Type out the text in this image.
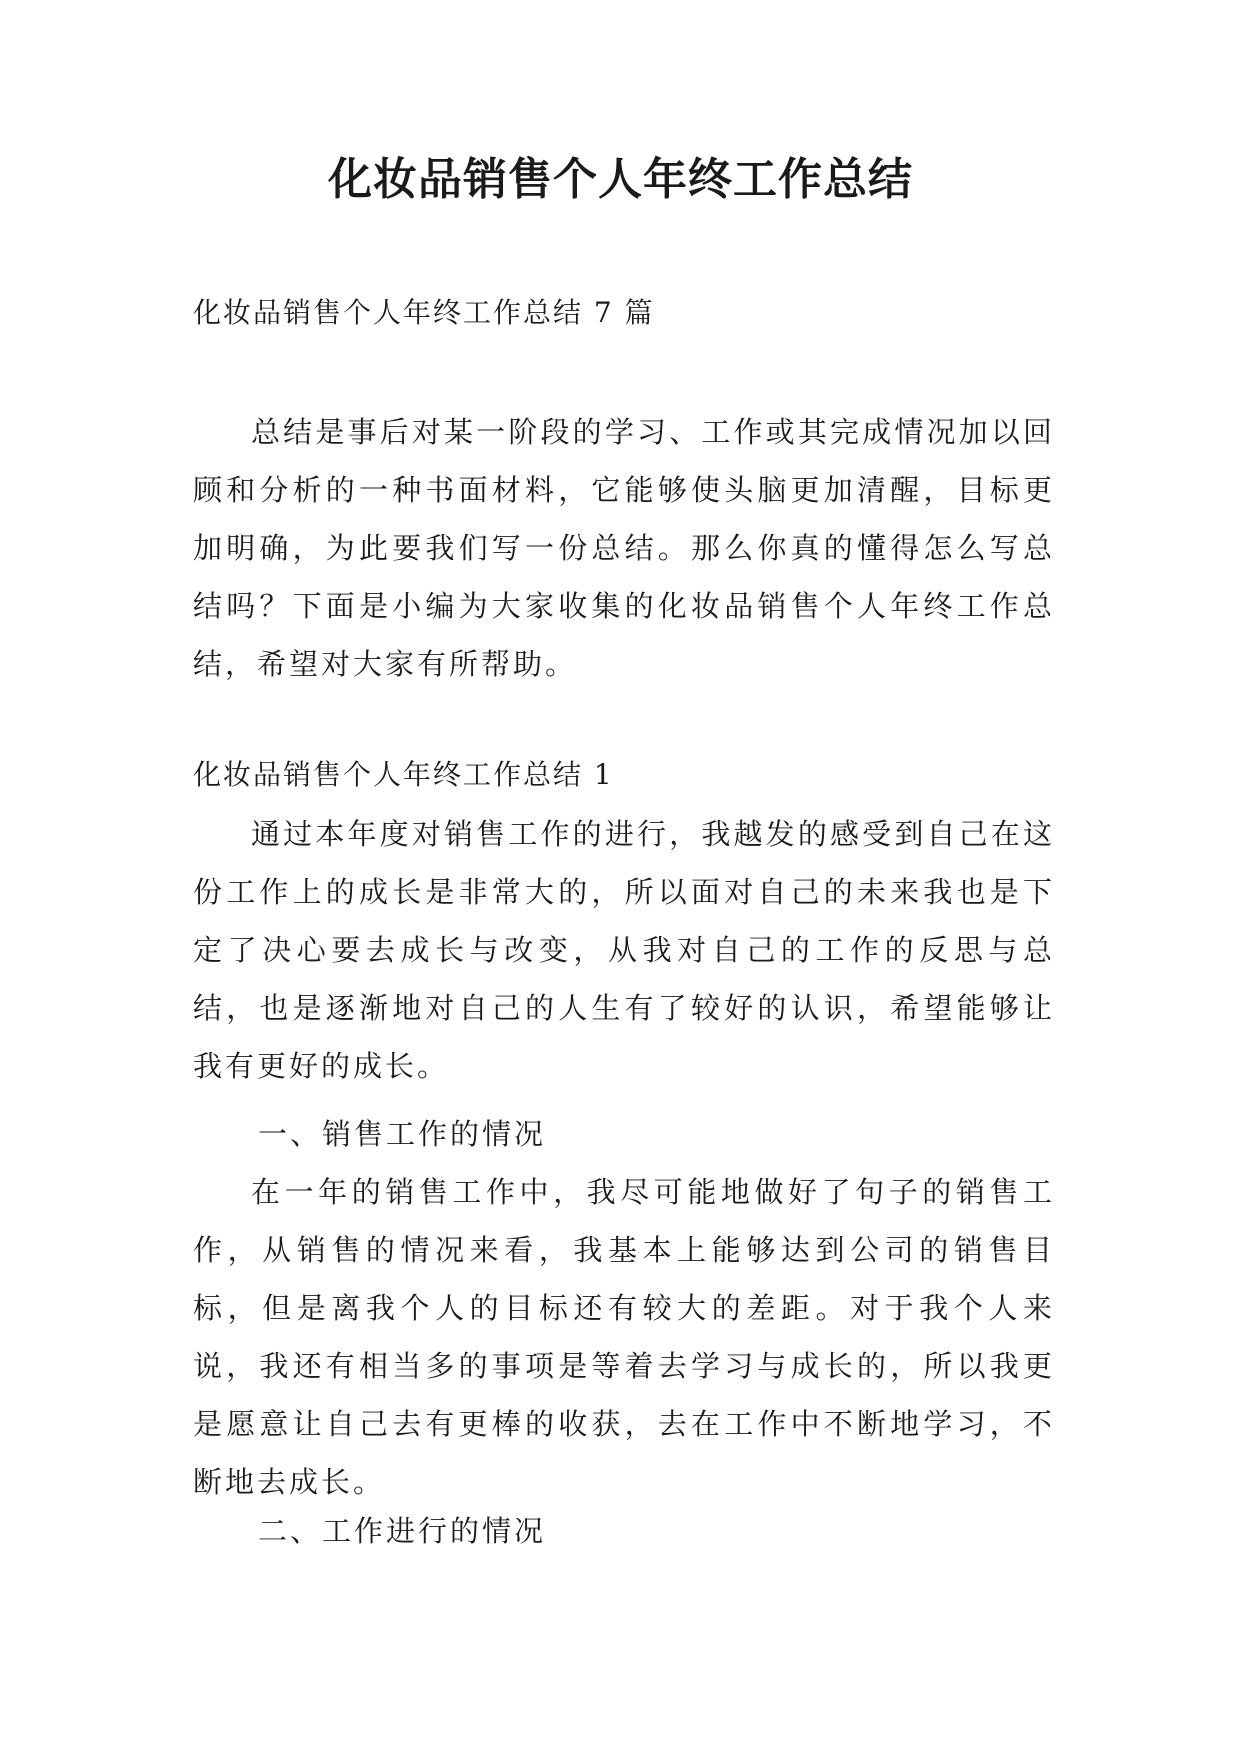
化妆品销售个人年终工作总结

化妆品销售个人年终工作总结 7 篇

总结是事后对某一阶段的学习、工作或其完成情况加以回顾和分析的一种书面材料，它能够使头脑更加清醒，目标更加明确，为此要我们写一份总结。那么你真的懂得怎么写总结吗？下面是小编为大家收集的化妆品销售个人年终工作总结，希望对大家有所帮助。

化妆品销售个人年终工作总结 1

通过本年度对销售工作的进行，我越发的感受到自己在这份工作上的成长是非常大的，所以面对自己的未来我也是下定了决心要去成长与改变，从我对自己的工作的反思与总结，也是逐渐地对自己的人生有了较好的认识，希望能够让我有更好的成长。

一、销售工作的情况

在一年的销售工作中，我尽可能地做好了句子的销售工作，从销售的情况来看，我基本上能够达到公司的销售目标，但是离我个人的目标还有较大的差距。对于我个人来说，我还有相当多的事项是等着去学习与成长的，所以我更是愿意让自己去有更棒的收获，去在工作中不断地学习，不断地去成长。

二、工作进行的情况
